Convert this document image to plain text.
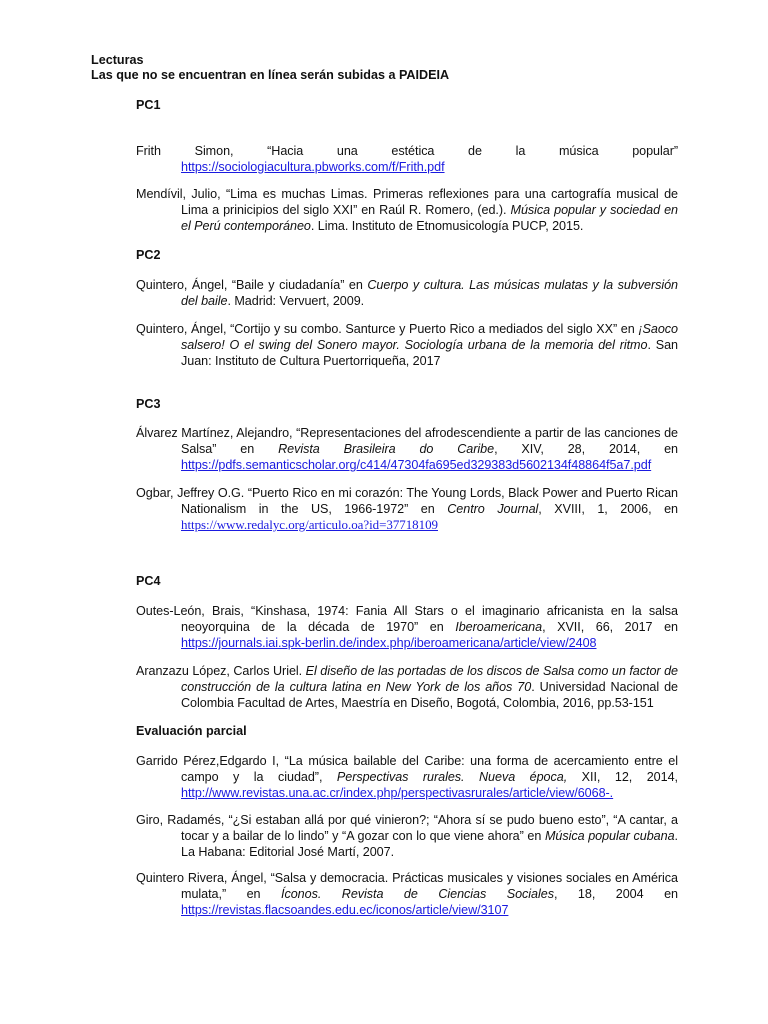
Lecturas
Las que no se encuentran en línea serán subidas a PAIDEIA
PC1
Frith Simon, “Hacia una estética de la música popular”
https://sociologiacultura.pbworks.com/f/Frith.pdf
Mendívil, Julio, “Lima es muchas Limas. Primeras reflexiones para una cartografía musical de Lima a prinicipios del siglo XXI” en Raúl R. Romero, (ed.). Música popular y sociedad en el Perú contemporáneo. Lima. Instituto de Etnomusicología PUCP, 2015.
PC2
Quintero, Ángel, “Baile y ciudadanía” en Cuerpo y cultura. Las músicas mulatas y la subversión del baile. Madrid: Vervuert, 2009.
Quintero, Ángel, “Cortijo y su combo. Santurce y Puerto Rico a mediados del siglo XX” en ¡Saoco salsero! O el swing del Sonero mayor. Sociología urbana de la memoria del ritmo. San Juan: Instituto de Cultura Puertorriqueña, 2017
PC3
Álvarez Martínez, Alejandro, “Representaciones del afrodescendiente a partir de las canciones de Salsa” en Revista Brasileira do Caribe, XIV, 28, 2014, en https://pdfs.semanticscholar.org/c414/47304fa695ed329383d5602134f48864f5a7.pdf
Ogbar, Jeffrey O.G. “Puerto Rico en mi corazón: The Young Lords, Black Power and Puerto Rican Nationalism in the US, 1966-1972” en Centro Journal, XVIII, 1, 2006, en https://www.redalyc.org/articulo.oa?id=37718109
PC4
Outes-León, Brais, “Kinshasa, 1974: Fania All Stars o el imaginario africanista en la salsa neoyorquina de la década de 1970” en Iberoamericana, XVII, 66, 2017 en https://journals.iai.spk-berlin.de/index.php/iberoamericana/article/view/2408
Aranzazu López, Carlos Uriel. El diseño de las portadas de los discos de Salsa como un factor de construcción de la cultura latina en New York de los años 70. Universidad Nacional de Colombia Facultad de Artes, Maestría en Diseño, Bogotá, Colombia, 2016, pp.53-151
Evaluación parcial
Garrido Pérez,Edgardo I, “La música bailable del Caribe: una forma de acercamiento entre el campo y la ciudad”, Perspectivas rurales. Nueva época, XII, 12, 2014, http://www.revistas.una.ac.cr/index.php/perspectivasrurales/article/view/6068-.
Giro, Radamés, “¿Si estaban allá por qué vinieron?; “Ahora sí se pudo bueno esto”, “A cantar, a tocar y a bailar de lo lindo” y “A gozar con lo que viene ahora” en Música popular cubana. La Habana: Editorial José Martí, 2007.
Quintero Rivera, Ángel, “Salsa y democracia. Prácticas musicales y visiones sociales en América mulata,” en Íconos. Revista de Ciencias Sociales, 18, 2004 en https://revistas.flacsoandes.edu.ec/iconos/article/view/3107
